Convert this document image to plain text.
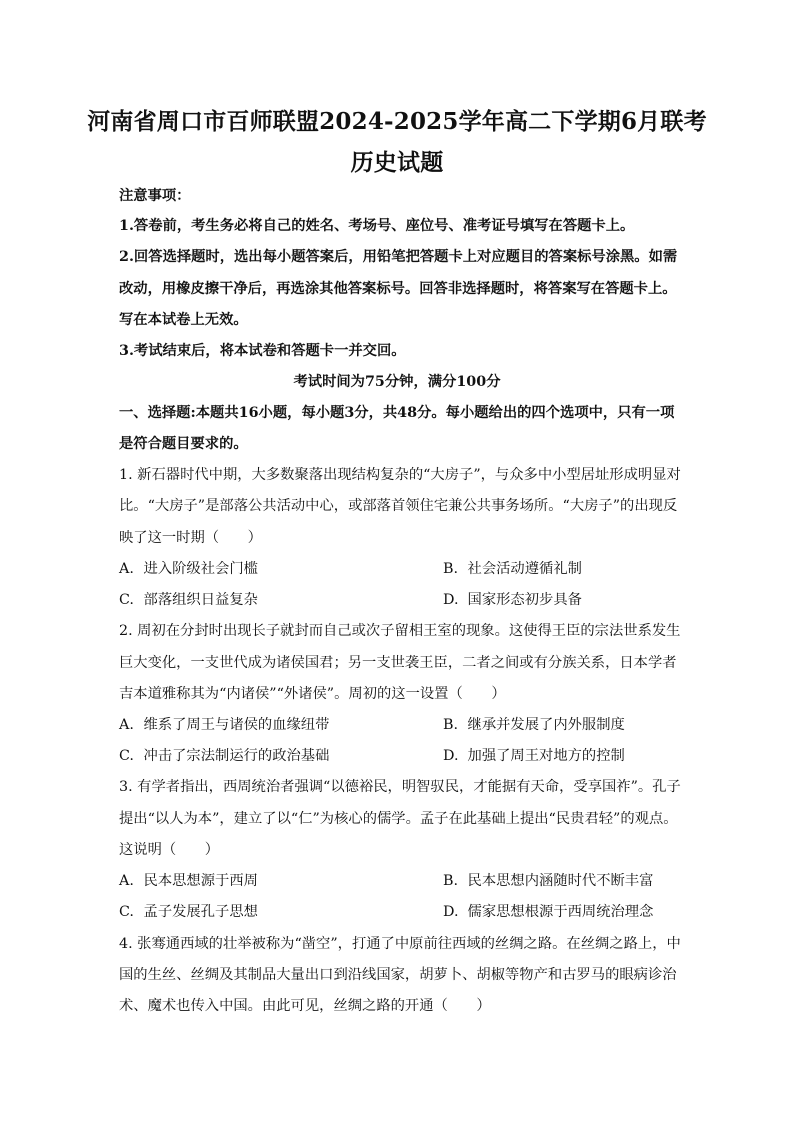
河南省周口市百师联盟2024-2025学年高二下学期6月联考
历史试题
注意事项：
1.答卷前，考生务必将自己的姓名、考场号、座位号、准考证号填写在答题卡上。
2.回答选择题时，选出每小题答案后，用铅笔把答题卡上对应题目的答案标号涂黑。如需
改动，用橡皮擦干净后，再选涂其他答案标号。回答非选择题时，将答案写在答题卡上。
写在本试卷上无效。
3.考试结束后，将本试卷和答题卡一并交回。
考试时间为75分钟，满分100分
一、选择题:本题共16小题，每小题3分，共48分。每小题给出的四个选项中，只有一项
是符合题目要求的。
1. 新石器时代中期，大多数聚落出现结构复杂的“大房子”，与众多中小型居址形成明显对
比。“大房子”是部落公共活动中心，或部落首领住宅兼公共事务场所。“大房子”的出现反
映了这一时期（　　）
A. 进入阶级社会门槛	B. 社会活动遵循礼制
C. 部落组织日益复杂	D. 国家形态初步具备
2. 周初在分封时出现长子就封而自己或次子留相王室的现象。这使得王臣的宗法世系发生
巨大变化，一支世代成为诸侯国君；另一支世袭王臣，二者之间或有分族关系，日本学者
吉本道雅称其为“内诸侯”“外诸侯”。周初的这一设置（　　）
A. 维系了周王与诸侯的血缘纽带	B. 继承并发展了内外服制度
C. 冲击了宗法制运行的政治基础	D. 加强了周王对地方的控制
3. 有学者指出，西周统治者强调“以德裕民，明智驭民，才能据有天命，受享国祚”。孔子
提出“以人为本”，建立了以“仁”为核心的儒学。孟子在此基础上提出“民贵君轻”的观点。
这说明（　　）
A. 民本思想源于西周	B. 民本思想内涵随时代不断丰富
C. 孟子发展孔子思想	D. 儒家思想根源于西周统治理念
4. 张骞通西域的壮举被称为“凿空”，打通了中原前往西域的丝绸之路。在丝绸之路上，中
国的生丝、丝绸及其制品大量出口到沿线国家，胡萝卜、胡椒等物产和古罗马的眼病诊治
术、魔术也传入中国。由此可见，丝绸之路的开通（　　）
